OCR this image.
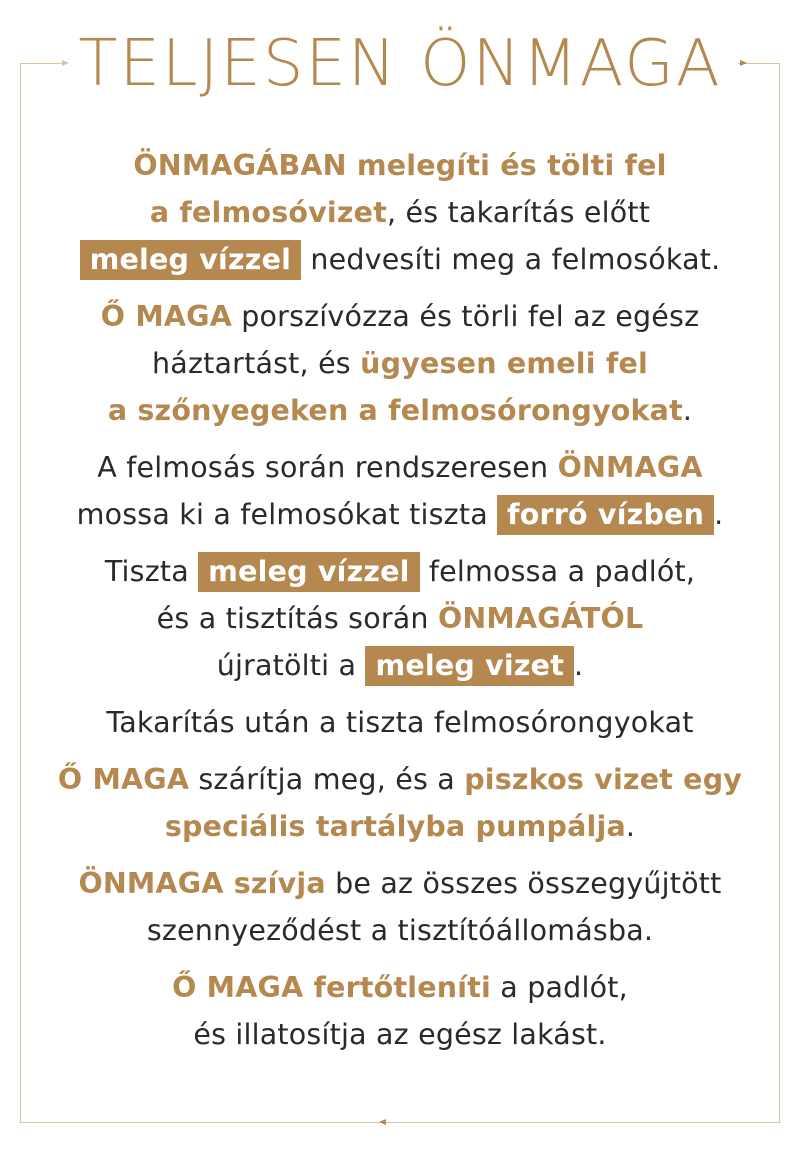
TELJESEN ÖNMAGA

ÖNMAGÁBAN melegíti és tölti fel
a felmosóvizet, és takarítás előtt
meleg vízzel nedvesíti meg a felmosókat.

Ő MAGA porszívózza és törli fel az egész
háztartást, és ügyesen emeli fel
a szőnyegeken a felmosórongyokat.

A felmosás során rendszeresen ÖNMAGA
mossa ki a felmosókat tiszta forró vízben .

Tiszta meleg vízzel felmossa a padlót,
és a tisztítás során ÖNMAGÁTÓL
újratölti a meleg vizet .

Takarítás után a tiszta felmosórongyokat

Ő MAGA szárítja meg, és a piszkos vizet egy
speciális tartályba pumpálja.

ÖNMAGA szívja be az összes összegyűjtött
szennyeződést a tisztítóállomásba.

Ő MAGA fertőtleníti a padlót,
és illatosítja az egész lakást.
